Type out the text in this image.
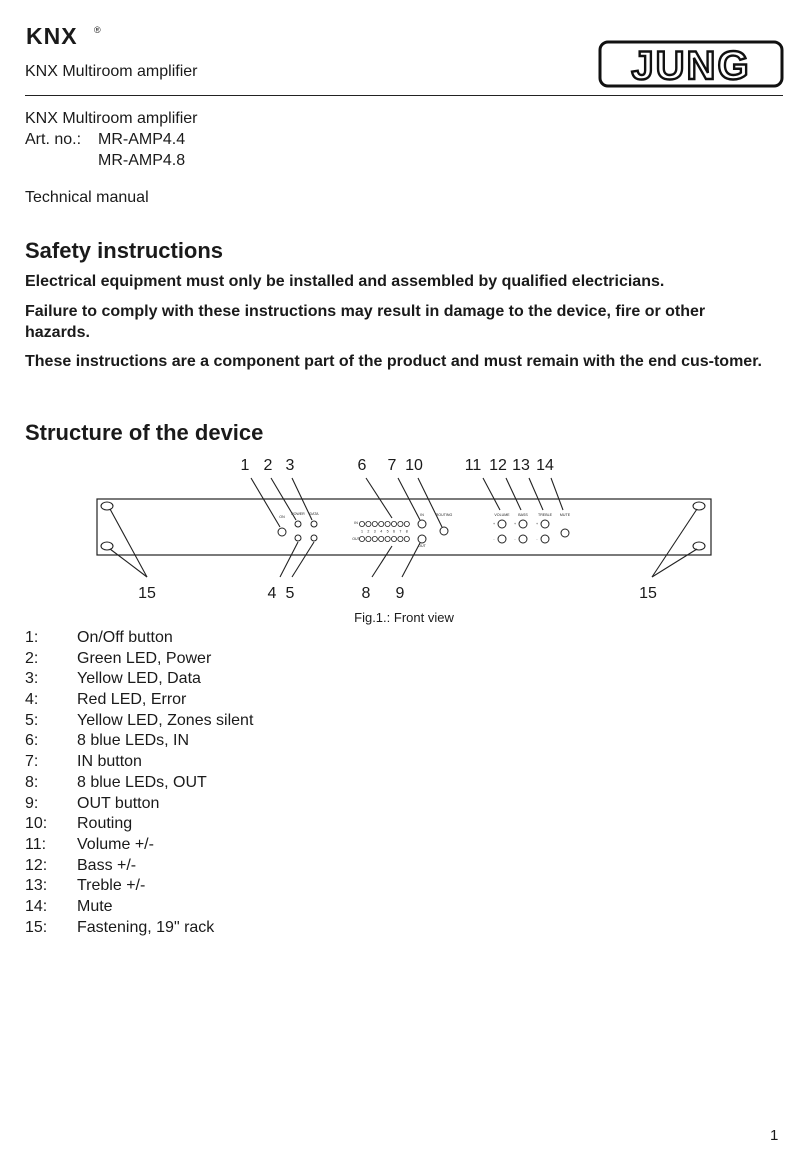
KNX ®
JUNG
KNX Multiroom amplifier
KNX Multiroom amplifier
Art. no.: MR-AMP4.4
MR-AMP4.8
Technical manual
Safety instructions

Electrical equipment must only be installed and assembled by qualified electricians.

Failure to comply with these instructions may result in damage to the device, fire or other hazards.

These instructions are a component part of the product and must remain with the end cus-tomer.

Structure of the device
1 2 3	6 7 10	11 12 13 14
15	4 5	8 9	15
ON
POWER DATA
IN
OUT
IN
OUT
ROUTING	VOLUME BASS	TREBLE MUTE
+
-
+
-
+
-
1 2 3 4 5 6 7 8
Fig.1.: Front view
1: On/Off button
2: Green LED, Power
3: Yellow LED, Data
4: Red LED, Error
5: Yellow LED, Zones silent
6: 8 blue LEDs, IN
7: IN button
8: 8 blue LEDs, OUT
9: OUT button
10: Routing
11: Volume +/-
12: Bass +/-
13: Treble +/-
14: Mute
15: Fastening, 19" rack
1
